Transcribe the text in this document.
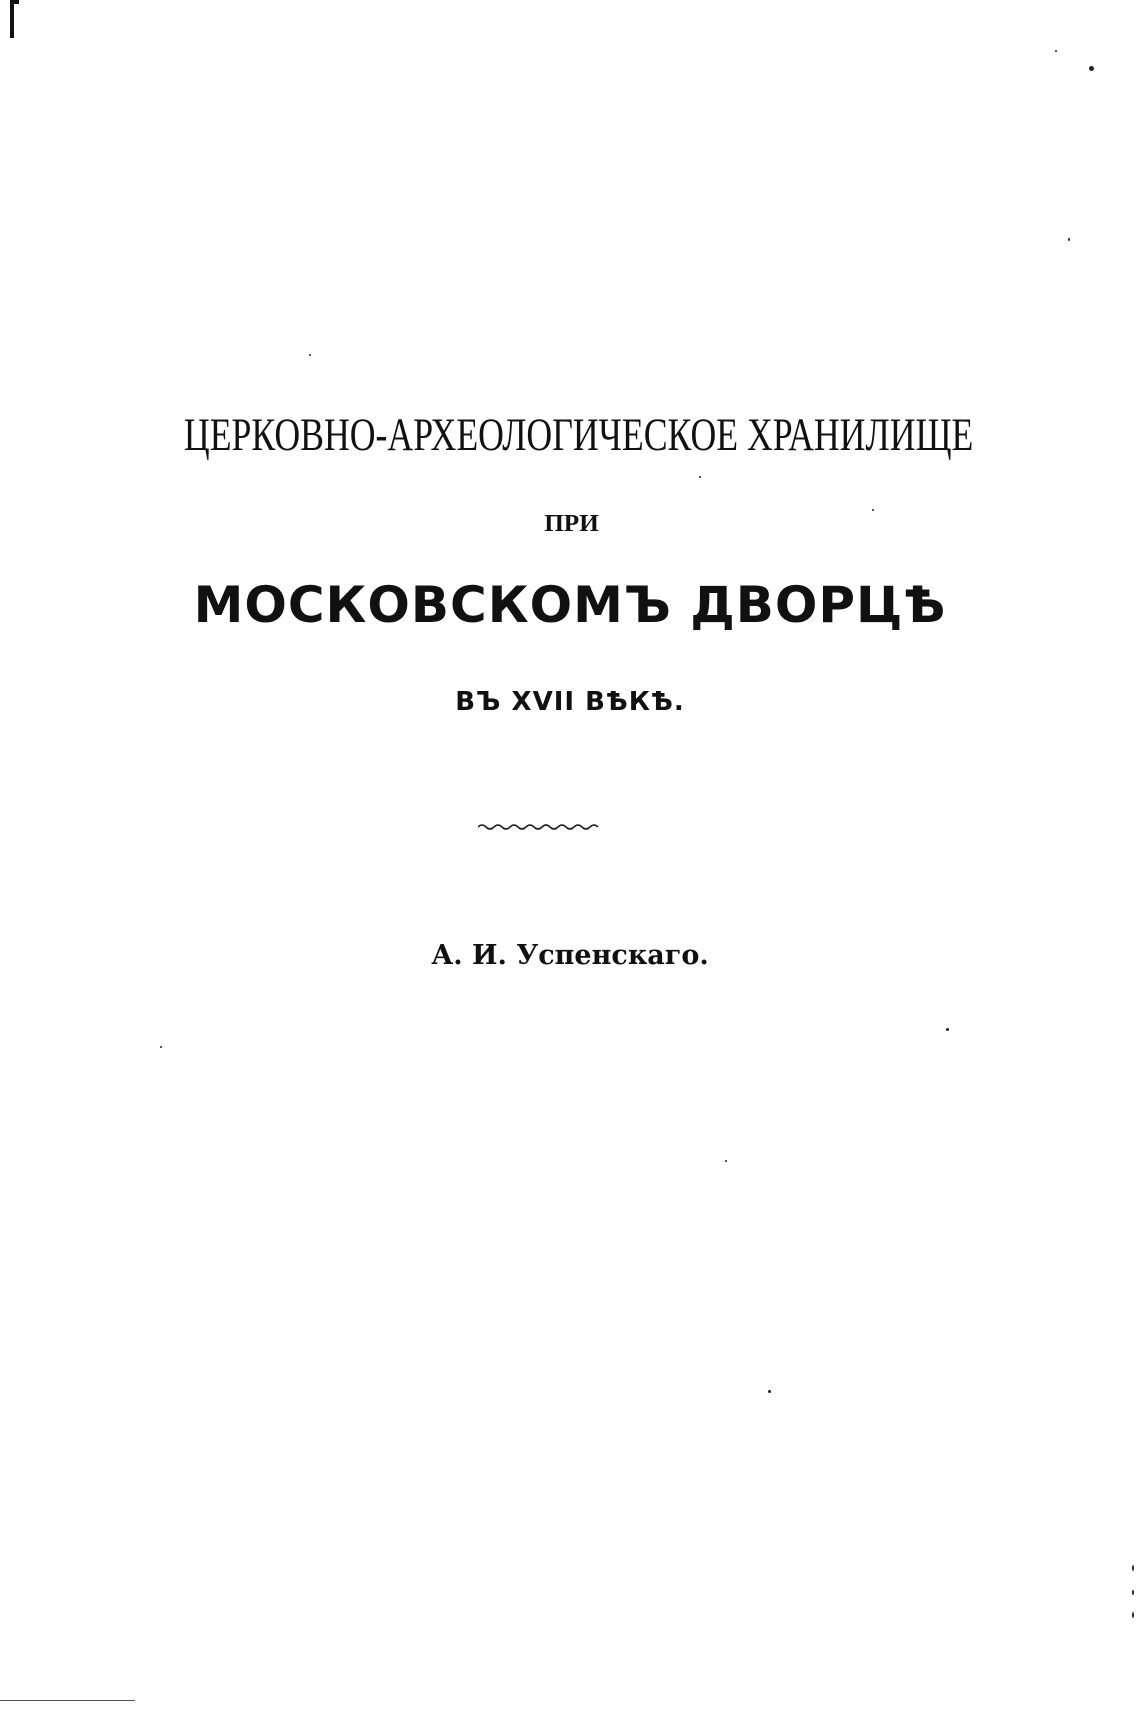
ЦЕРКОВНО-АРХЕОЛОГИЧЕСКОЕ ХРАНИЛИЩЕ
ПРИ
МОСКОВСКОМЪ ДВОРЦѢ
ВЪ XVII ВѢКѢ.
А. И. Успенскаго.
